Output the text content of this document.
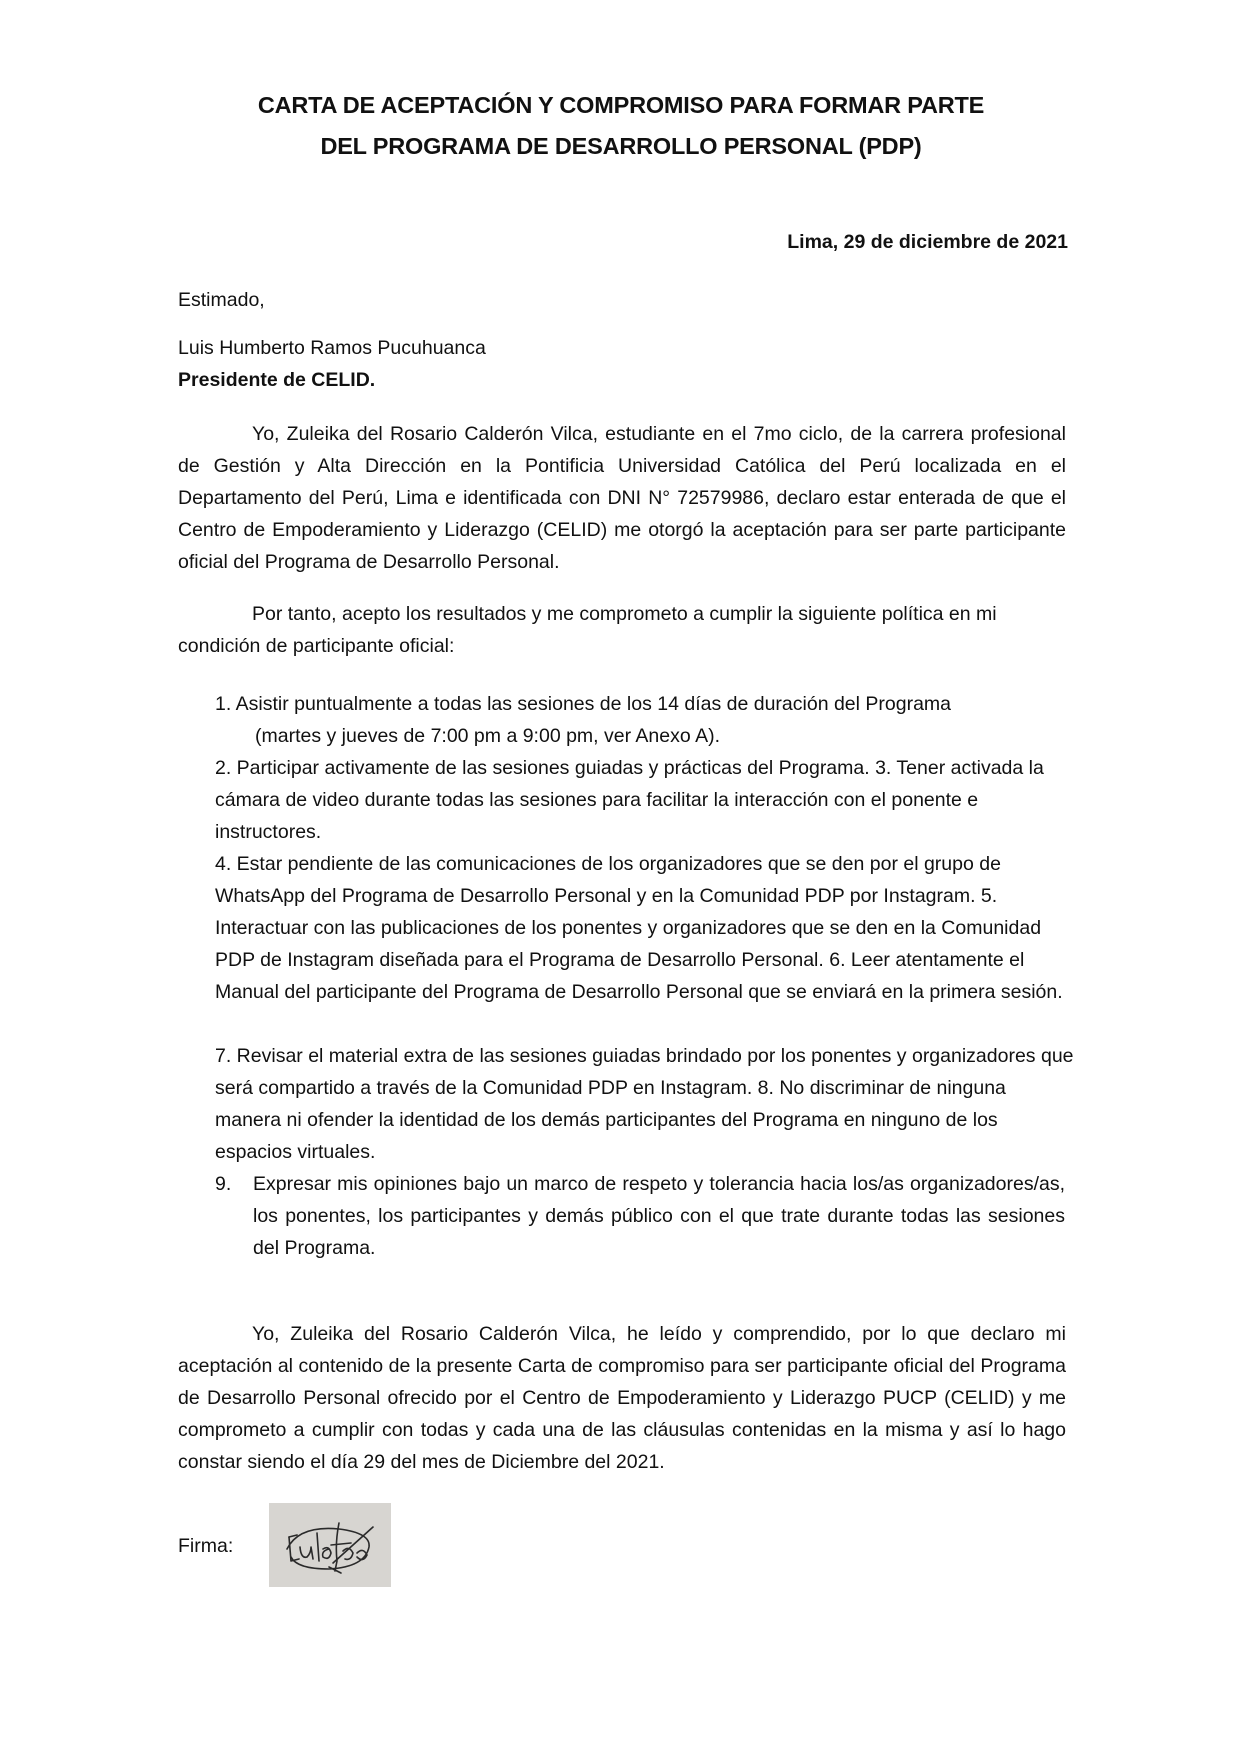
CARTA DE ACEPTACIÓN Y COMPROMISO PARA FORMAR PARTE
DEL PROGRAMA DE DESARROLLO PERSONAL (PDP)
Lima, 29 de diciembre de 2021
Estimado,
Luis Humberto Ramos Pucuhuanca
Presidente de CELID.
Yo, Zuleika del Rosario Calderón Vilca, estudiante en el 7mo ciclo, de la carrera profesional de Gestión y Alta Dirección en la Pontificia Universidad Católica del Perú localizada en el Departamento del Perú, Lima e identificada con DNI N° 72579986, declaro estar enterada de que el Centro de Empoderamiento y Liderazgo (CELID) me otorgó la aceptación para ser parte participante oficial del Programa de Desarrollo Personal.
Por tanto, acepto los resultados y me comprometo a cumplir la siguiente política en mi condición de participante oficial:
1. Asistir puntualmente a todas las sesiones de los 14 días de duración del Programa
(martes y jueves de 7:00 pm a 9:00 pm, ver Anexo A).
2. Participar activamente de las sesiones guiadas y prácticas del Programa. 3. Tener activada la cámara de video durante todas las sesiones para facilitar la interacción con el ponente e instructores.
4. Estar pendiente de las comunicaciones de los organizadores que se den por el grupo de WhatsApp del Programa de Desarrollo Personal y en la Comunidad PDP por Instagram. 5. Interactuar con las publicaciones de los ponentes y organizadores que se den en la Comunidad PDP de Instagram diseñada para el Programa de Desarrollo Personal. 6. Leer atentamente el Manual del participante del Programa de Desarrollo Personal que se enviará en la primera sesión.
7. Revisar el material extra de las sesiones guiadas brindado por los ponentes y organizadores que será compartido a través de la Comunidad PDP en Instagram. 8. No discriminar de ninguna manera ni ofender la identidad de los demás participantes del Programa en ninguno de los espacios virtuales.
9.	Expresar mis opiniones bajo un marco de respeto y tolerancia hacia los/as organizadores/as, los ponentes, los participantes y demás público con el que trate durante todas las sesiones del Programa.
Yo, Zuleika del Rosario Calderón Vilca, he leído y comprendido, por lo que declaro mi aceptación al contenido de la presente Carta de compromiso para ser participante oficial del Programa de Desarrollo Personal ofrecido por el Centro de Empoderamiento y Liderazgo PUCP (CELID) y me comprometo a cumplir con todas y cada una de las cláusulas contenidas en la misma y así lo hago constar siendo el día 29 del mes de Diciembre del 2021.
Firma:
